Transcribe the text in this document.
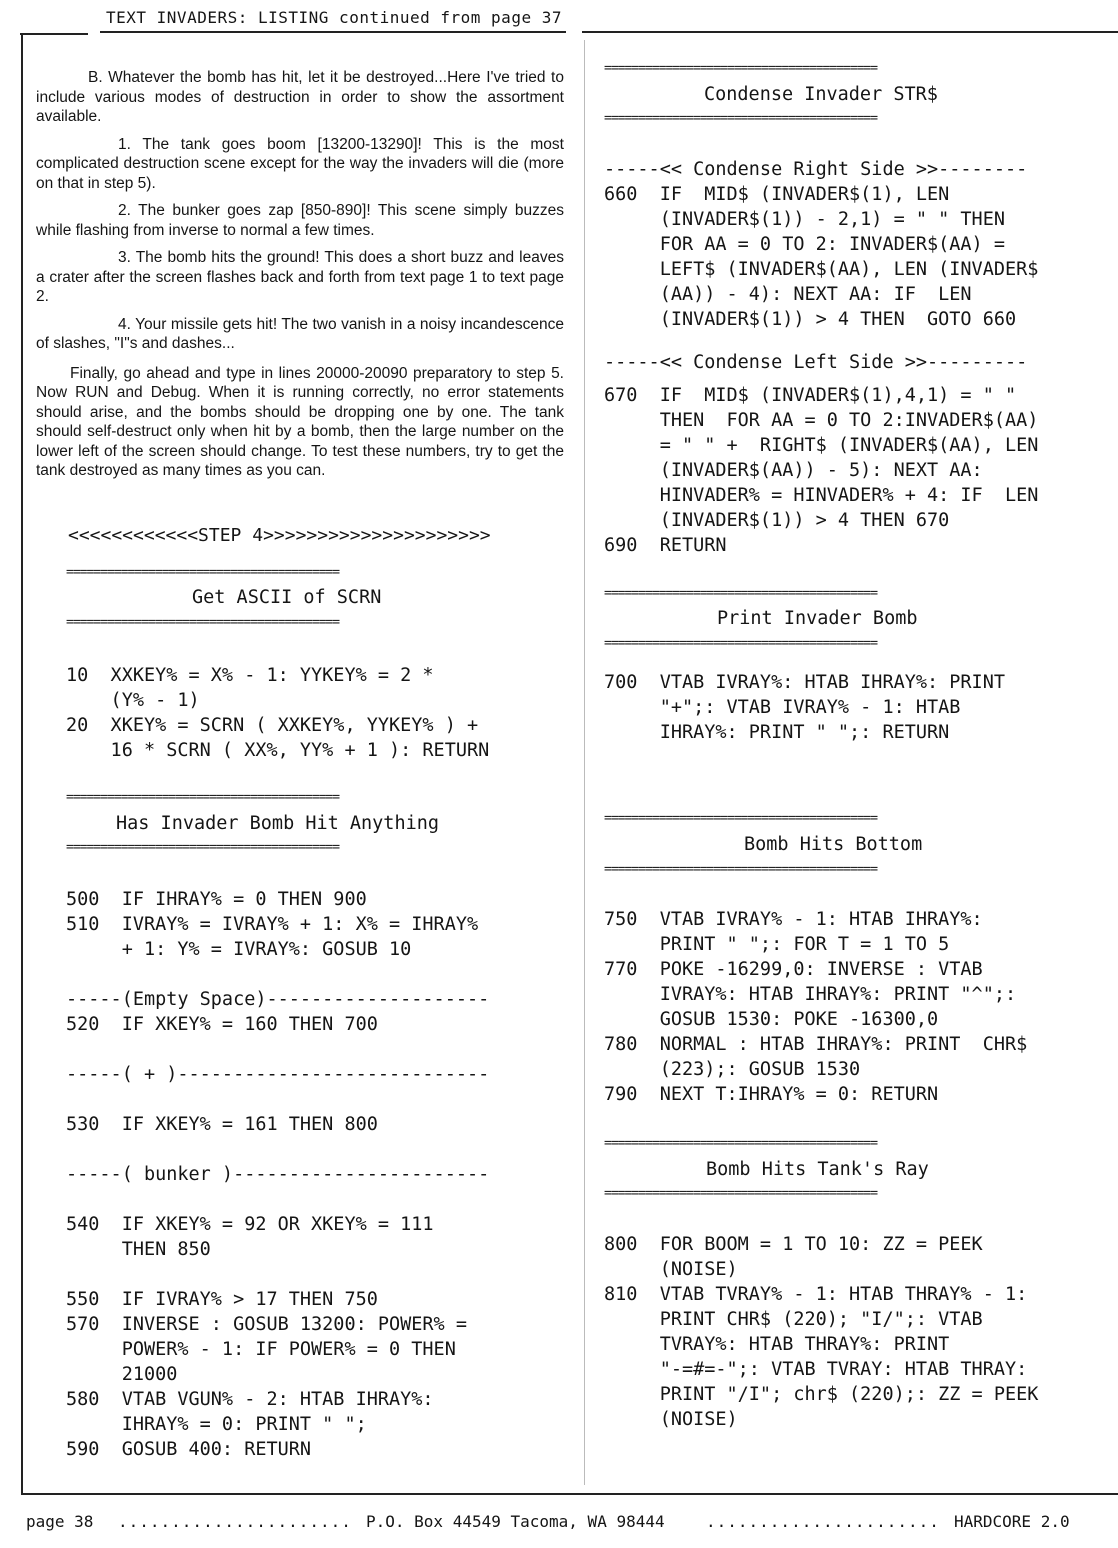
TEXT INVADERS: LISTING continued from page 37

B. Whatever the bomb has hit, let it be destroyed...Here I've tried to include various modes of destruction in order to show the assortment available.

1. The tank goes boom [13200-13290]! This is the most complicated destruction scene except for the way the invaders will die (more on that in step 5).

2. The bunker goes zap [850-890]! This scene simply buzzes while flashing from inverse to normal a few times.

3. The bomb hits the ground! This does a short buzz and leaves a crater after the screen flashes back and forth from text page 1 to text page 2.

4. Your missile gets hit! The two vanish in a noisy incandescence of slashes, "I"s and dashes...

Finally, go ahead and type in lines 20000-20090 preparatory to step 5. Now RUN and Debug. When it is running correctly, no error statements should arise, and the bombs should be dropping one by one. The tank should self-destruct only when hit by a bomb, then the large number on the lower left of the screen should change. To test these numbers, try to get the tank destroyed as many times as you can.

<<<<<<<<<<<<STEP 4>>>>>>>>>>>>>>>>>>>>>
========================================
Get ASCII of SCRN
========================================
10  XXKEY% = X% - 1: YYKEY% = 2 *
(Y% - 1)
20  XKEY% = SCRN ( XXKEY%, YYKEY% ) +
16 * SCRN ( XX%, YY% + 1 ): RETURN
========================================
Has Invader Bomb Hit Anything
========================================
500  IF IHRAY% = 0 THEN 900
510  IVRAY% = IVRAY% + 1: X% = IHRAY%
+ 1: Y% = IVRAY%: GOSUB 10
-----(Empty Space)--------------------
520  IF XKEY% = 160 THEN 700
-----( + )----------------------------
530  IF XKEY% = 161 THEN 800
-----( bunker )-----------------------
540  IF XKEY% = 92 OR XKEY% = 111
THEN 850

550  IF IVRAY% > 17 THEN 750
570  INVERSE : GOSUB 13200: POWER% =
POWER% - 1: IF POWER% = 0 THEN
21000
580  VTAB VGUN% - 2: HTAB IHRAY%:
IHRAY% = 0: PRINT " ";
590  GOSUB 400: RETURN
========================================
Condense Invader STR$
========================================
-----<< Condense Right Side >>--------
660  IF  MID$ (INVADER$(1), LEN
(INVADER$(1)) - 2,1) = " " THEN
FOR AA = 0 TO 2: INVADER$(AA) =
LEFT$ (INVADER$(AA), LEN (INVADER$
(AA)) - 4): NEXT AA: IF  LEN
(INVADER$(1)) > 4 THEN  GOTO 660
-----<< Condense Left Side >>---------
670  IF  MID$ (INVADER$(1),4,1) = " "
THEN  FOR AA = 0 TO 2:INVADER$(AA)
= " " +  RIGHT$ (INVADER$(AA), LEN
(INVADER$(AA)) - 5): NEXT AA:
HINVADER% = HINVADER% + 4: IF  LEN
(INVADER$(1)) > 4 THEN 670
690  RETURN
========================================
Print Invader Bomb
========================================
700  VTAB IVRAY%: HTAB IHRAY%: PRINT
"+";: VTAB IVRAY% - 1: HTAB
IHRAY%: PRINT " ";: RETURN
========================================
Bomb Hits Bottom
========================================
750  VTAB IVRAY% - 1: HTAB IHRAY%:
PRINT " ";: FOR T = 1 TO 5
770  POKE -16299,0: INVERSE : VTAB
IVRAY%: HTAB IHRAY%: PRINT "^";:
GOSUB 1530: POKE -16300,0
780  NORMAL : HTAB IHRAY%: PRINT  CHR$
(223);: GOSUB 1530
790  NEXT T:IHRAY% = 0: RETURN
========================================
Bomb Hits Tank's Ray
========================================
800  FOR BOOM = 1 TO 10: ZZ = PEEK
(NOISE)
810  VTAB TVRAY% - 1: HTAB THRAY% - 1:
PRINT CHR$ (220); "I/";: VTAB
TVRAY%: HTAB THRAY%: PRINT
"-=#=-";: VTAB TVRAY: HTAB THRAY:
PRINT "/I"; chr$ (220);: ZZ = PEEK
(NOISE)
page 38 ...................... P.O. Box 44549 Tacoma, WA 98444	...................... HARDCORE 2.0
